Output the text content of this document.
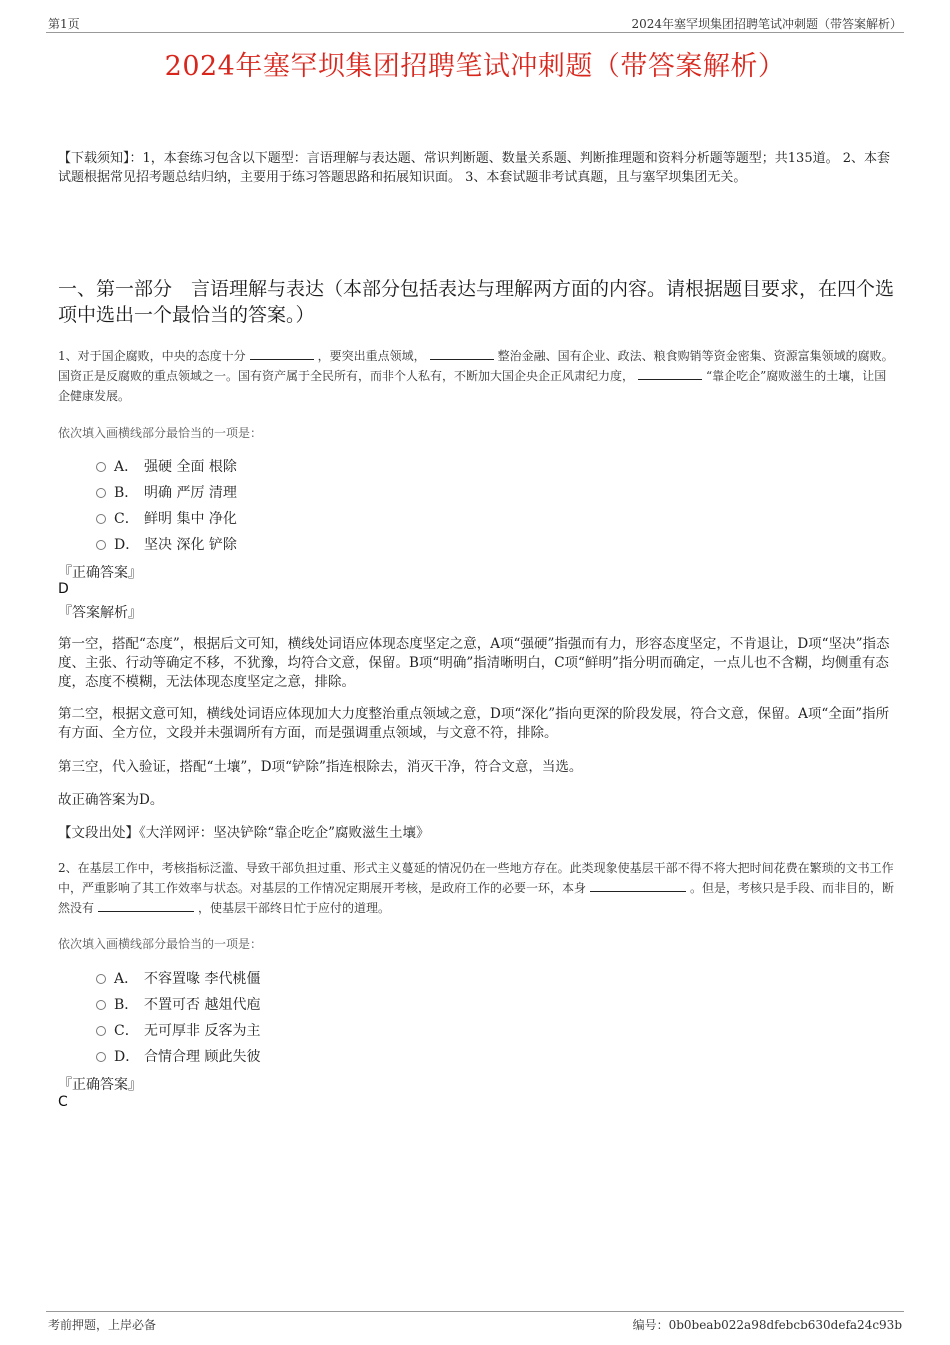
第1页	2024年塞罕坝集团招聘笔试冲刺题（带答案解析）
2024年塞罕坝集团招聘笔试冲刺题（带答案解析）
【下载须知】：1，本套练习包含以下题型：言语理解与表达题、常识判断题、数量关系题、判断推理题和资料分析题等题型；共135道。 2、本套试题根据常见招考题总结归纳，主要用于练习答题思路和拓展知识面。 3、本套试题非考试真题，且与塞罕坝集团无关。
一、第一部分　言语理解与表达（本部分包括表达与理解两方面的内容。请根据题目要求，在四个选项中选出一个最恰当的答案。）
1、对于国企腐败，中央的态度十分	，要突出重点领域，	整治金融、国有企业、政法、粮食购销等资金密集、资源富集领域的腐败。国资正是反腐败的重点领域之一。国有资产属于全民所有，而非个人私有，不断加大国企央企正风肃纪力度，	“靠企吃企”腐败滋生的土壤，让国企健康发展。
依次填入画横线部分最恰当的一项是：
A． 强硬 全面 根除
B． 明确 严厉 清理
C． 鲜明 集中 净化
D． 坚决 深化 铲除
『正确答案』
D
『答案解析』
第一空，搭配“态度”，根据后文可知，横线处词语应体现态度坚定之意，A项“强硬”指强而有力，形容态度坚定，不肯退让，D项“坚决”指态度、主张、行动等确定不移，不犹豫，均符合文意，保留。B项“明确”指清晰明白，C项“鲜明”指分明而确定，一点儿也不含糊，均侧重有态度，态度不模糊，无法体现态度坚定之意，排除。
第二空，根据文意可知，横线处词语应体现加大力度整治重点领域之意，D项“深化”指向更深的阶段发展，符合文意，保留。A项“全面”指所有方面、全方位，文段并未强调所有方面，而是强调重点领域，与文意不符，排除。
第三空，代入验证，搭配“土壤”，D项“铲除”指连根除去，消灭干净，符合文意，当选。
故正确答案为D。
【文段出处】《大洋网评：坚决铲除“靠企吃企”腐败滋生土壤》
2、在基层工作中，考核指标泛滥、导致干部负担过重、形式主义蔓延的情况仍在一些地方存在。此类现象使基层干部不得不将大把时间花费在繁琐的文书工作中，严重影响了其工作效率与状态。对基层的工作情况定期展开考核，是政府工作的必要一环，本身	。但是，考核只是手段、而非目的，断然没有	，使基层干部终日忙于应付的道理。
依次填入画横线部分最恰当的一项是：
A． 不容置喙 李代桃僵
B． 不置可否 越俎代庖
C． 无可厚非 反客为主
D． 合情合理 顾此失彼
『正确答案』
C
考前押题，上岸必备	编号：0b0beab022a98dfebcb630defa24c93b
